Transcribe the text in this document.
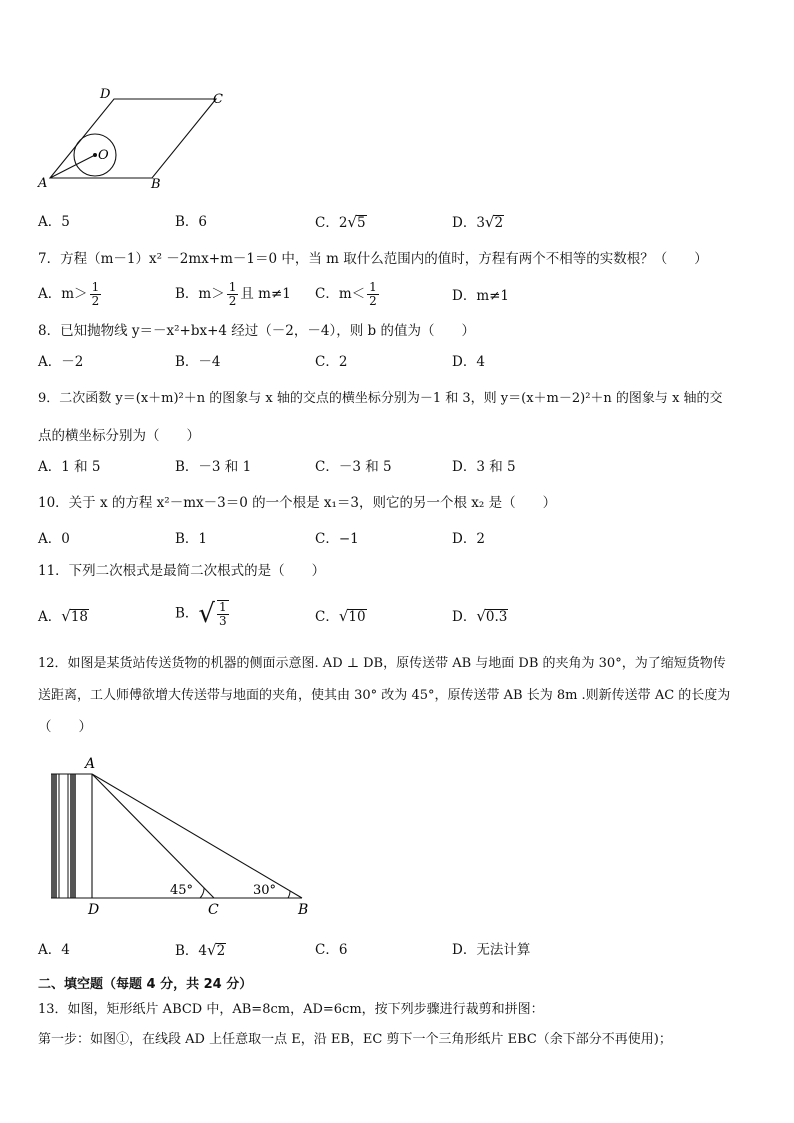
D	C
O
A	B
A．5	B．6	C．2√5	D．3√2
7．方程（m－1）x² －2mx+m－1＝0 中，当 m 取什么范围内的值时，方程有两个不相等的实数根？（　　）
A．$m> \frac{1}{2}$	B．$m> \frac{1}{2}$ 且 m≠1 C．$m< \frac{1}{2}$	D．m≠1
8．已知抛物线 y＝－x²+bx+4 经过（－2，－4），则 b 的值为（　　）
A．－2	B．－4	C．2	D．4
9．二次函数 y＝(x＋m)²＋n 的图象与 x 轴的交点的横坐标分别为－1 和 3，则 y＝(x＋m－2)²＋n 的图象与 x 轴的交
点的横坐标分别为（　　）
A．1 和 5	B．－3 和 1	C．－3 和 5	D．3 和 5
10．关于 x 的方程 x²－mx－3＝0 的一个根是 x₁＝3，则它的另一个根 x₂ 是（　　）
A．0	B．1	C．−1	D．2
11．下列二次根式是最简二次根式的是（　　）
A．√18	B．√ $\frac{1}{3}$	C．√10	D．√0.3
12．如图是某货站传送货物的机器的侧面示意图. AD ⊥ DB，原传送带 AB 与地面 DB 的夹角为 30°，为了缩短货物传
送距离，工人师傅欲增大传送带与地面的夹角，使其由 30° 改为 45°，原传送带 AB 长为 8m .则新传送带 AC 的长度为
（　　）
A
D	C	B
45°	30°
A．4	B．4√2	C．6	D．无法计算
二、填空题（每题 4 分，共 24 分）
13．如图，矩形纸片 ABCD 中，AB=8cm，AD=6cm，按下列步骤进行裁剪和拼图：
第一步：如图①，在线段 AD 上任意取一点 E，沿 EB，EC 剪下一个三角形纸片 EBC（余下部分不再使用)；
